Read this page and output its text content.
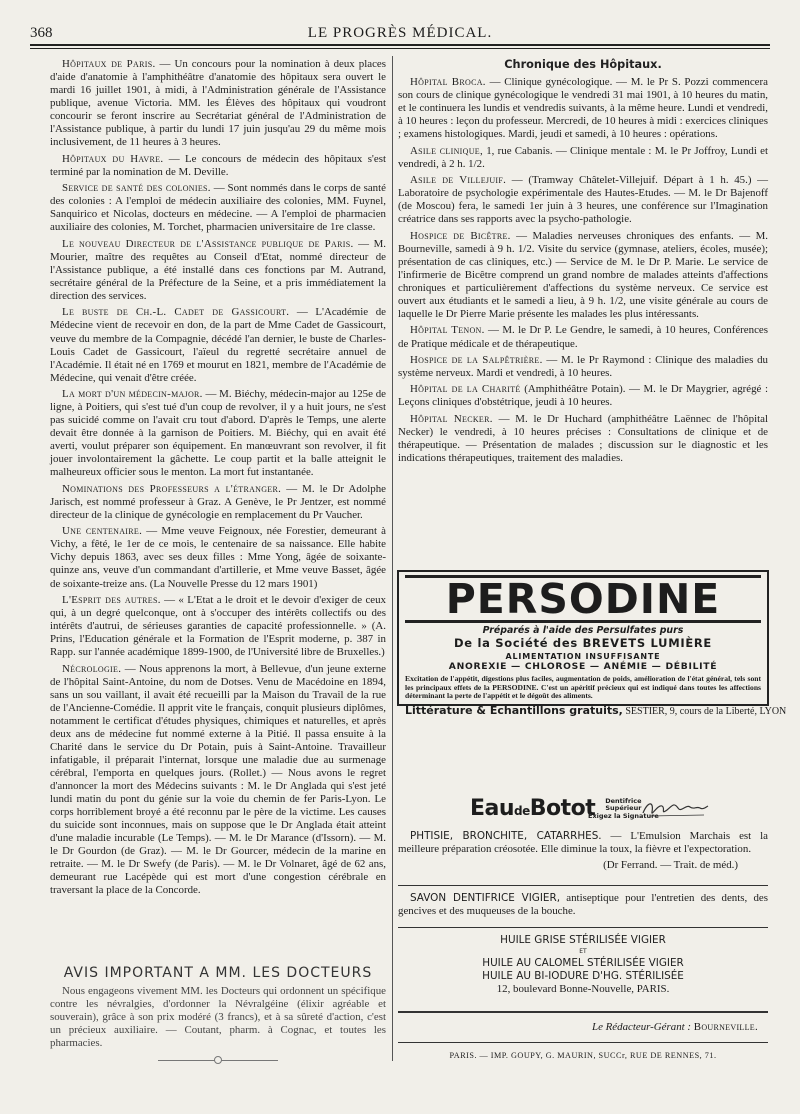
368	LE PROGRÈS MÉDICAL.
Hôpitaux de Paris. — Un concours pour la nomination à deux places d'aide d'anatomie à l'amphithéâtre d'anatomie des hôpitaux sera ouvert le mardi 16 juillet 1901, à midi, à l'Administration générale de l'Assistance publique, avenue Victoria. MM. les Élèves des hôpitaux qui voudront concourir se feront inscrire au Secrétariat général de l'Administration de l'Assistance publique, à partir du lundi 17 juin jusqu'au 29 du même mois inclusivement, de 11 heures à 3 heures.
Hôpitaux du Havre. — Le concours de médecin des hôpitaux s'est terminé par la nomination de M. Deville.
Service de santé des colonies. — Sont nommés dans le corps de santé des colonies : A l'emploi de médecin auxiliaire des colonies, MM. Fuynel, Sanquirico et Nicolas, docteurs en médecine. — A l'emploi de pharmacien auxiliaire des colonies, M. Torchet, pharmacien universitaire de 1re classe.
Le nouveau Directeur de l'Assistance publique de Paris. — M. Mourier, maître des requêtes au Conseil d'Etat, nommé directeur de l'Assistance publique, a été installé dans ces fonctions par M. Autrand, secrétaire général de la Préfecture de la Seine, et a pris immédiatement la direction des services.
Le buste de Ch.-L. Cadet de Gassicourt. — L'Académie de Médecine vient de recevoir en don, de la part de Mme Cadet de Gassicourt, veuve du membre de la Compagnie, décédé l'an dernier, le buste de Charles-Louis Cadet de Gassicourt, l'aïeul du regretté secrétaire annuel de l'Académie. Il était né en 1769 et mourut en 1821, membre de l'Académie de Médecine, qui venait d'être créée.
La mort d'un médecin-major. — M. Biéchy, médecin-major au 125e de ligne, à Poitiers, qui s'est tué d'un coup de revolver, il y a huit jours, ne s'est pas suicidé comme on l'avait cru tout d'abord. D'après le Temps, une alerte devait être donnée à la garnison de Poitiers. M. Biéchy, qui en avait été averti, voulut préparer son équipement. En manœuvrant son revolver, il fit jouer involontairement la gâchette. Le coup partit et la balle atteignit le malheureux officier sous le menton. La mort fut instantanée.
Nominations des Professeurs a l'étranger. — M. le Dr Adolphe Jarisch, est nommé professeur à Graz. A Genève, le Pr Jentzer, est nommé directeur de la clinique de gynécologie en remplacement du Pr Vaucher.
Une centenaire. — Mme veuve Feignoux, née Forestier, demeurant à Vichy, a fêté, le 1er de ce mois, le centenaire de sa naissance. Elle habite Vichy depuis 1863, avec ses deux filles : Mme Yong, âgée de soixante-quinze ans, veuve d'un commandant d'artillerie, et Mme veuve Basset, âgée de soixante-treize ans. (La Nouvelle Presse du 12 mars 1901)
L'Esprit des autres. — « L'Etat a le droit et le devoir d'exiger de ceux qui, à un degré quelconque, ont à s'occuper des intérêts collectifs ou des intérêts d'autrui, de sérieuses garanties de capacité professionnelle. » (A. Prins, l'Education générale et la Formation de l'Esprit moderne, p. 387 in Rapp. sur l'année académique 1899-1900, de l'Université libre de Bruxelles.)
Nécrologie. — Nous apprenons la mort, à Bellevue, d'un jeune externe de l'hôpital Saint-Antoine, du nom de Dotses. Venu de Macédoine en 1894, sans un sou vaillant, il avait été recueilli par la Maison du Travail de la rue de l'Ancienne-Comédie. Il apprit vite le français, conquit plusieurs diplômes, notamment le certificat d'études physiques, chimiques et naturelles, et après deux ans de médecine fut nommé externe à la Pitié. Il passa ensuite à la Charité dans le service du Dr Potain, puis à Saint-Antoine. Travailleur infatigable, il préparait l'internat, lorsque une maladie due au surmenage cérébral, l'emporta en quelques jours. (Rollet.) — Nous avons le regret d'annoncer la mort des Médecins suivants : M. le Dr Anglada qui s'est jeté lundi matin du pont du génie sur la voie du chemin de fer Paris-Lyon. Le corps horriblement broyé a été reconnu par le père de la victime. Les causes du suicide sont inconnues, mais on suppose que le Dr Anglada était atteint d'une maladie incurable (Le Temps). — M. le Dr Marance (d'Issorn). — M. le Dr Gourdon (de Graz). — M. le Dr Gourcer, médecin de la marine en retraite. — M. le Dr Swefy (de Paris). — M. le Dr Volnaret, âgé de 62 ans, demeurant rue Lacépède qui est mort d'une congestion cérébrale en traversant la place de la Concorde.
AVIS IMPORTANT A MM. LES DOCTEURS
Nous engageons vivement MM. les Docteurs qui ordonnent un spécifique contre les névralgies, d'ordonner la Névralgéine (élixir agréable et souverain), grâce à son prix modéré (3 francs), et à sa sûreté d'action, c'est un précieux auxiliaire. — Coutant, pharm. à Cognac, et toutes les pharmacies.
Chronique des Hôpitaux.
Hôpital Broca. — Clinique gynécologique. — M. le Pr S. Pozzi commencera son cours de clinique gynécologique le vendredi 31 mai 1901, à 10 heures du matin, et le continuera les lundis et vendredis suivants, à la même heure. Lundi et vendredi, à 10 heures : leçon du professeur. Mercredi, de 10 heures à midi : exercices cliniques ; examens histologiques. Mardi, jeudi et samedi, à 10 heures : opérations.
Asile clinique, 1, rue Cabanis. — Clinique mentale : M. le Pr Joffroy, Lundi et vendredi, à 2 h. 1/2.
Asile de Villejuif. — (Tramway Châtelet-Villejuif. Départ à 1 h. 45.) — Laboratoire de psychologie expérimentale des Hautes-Etudes. — M. le Dr Bajenoff (de Moscou) fera, le samedi 1er juin à 3 heures, une conférence sur l'Imagination créatrice dans ses rapports avec la psycho-pathologie.
Hospice de Bicêtre. — Maladies nerveuses chroniques des enfants. — M. Bourneville, samedi à 9 h. 1/2. Visite du service (gymnase, ateliers, écoles, musée); présentation de cas cliniques, etc.) — Service de M. le Dr P. Marie. Le service de l'infirmerie de Bicêtre comprend un grand nombre de malades atteints d'affections chroniques et particulièrement d'affections du système nerveux. Ce service est ouvert aux étudiants et le samedi a lieu, à 9 h. 1/2, une visite générale au cours de laquelle le Dr Pierre Marie présente les malades les plus intéressants.
Hôpital Tenon. — M. le Dr P. Le Gendre, le samedi, à 10 heures, Conférences de Pratique médicale et de thérapeutique.
Hospice de la Salpêtrière. — M. le Pr Raymond : Clinique des maladies du système nerveux. Mardi et vendredi, à 10 heures.
Hôpital de la Charité (Amphithéâtre Potain). — M. le Dr Maygrier, agrégé : Leçons cliniques d'obstétrique, jeudi à 10 heures.
Hôpital Necker. — M. le Dr Huchard (amphithéâtre Laënnec de l'hôpital Necker) le vendredi, à 10 heures précises : Consultations de clinique et de thérapeutique. — Présentation de malades ; discussion sur le diagnostic et les indications thérapeutiques, traitement des maladies.
PERSODINE
Préparés à l'aide des Persulfates purs
De la Société des BREVETS LUMIÈRE
ALIMENTATION INSUFFISANTE
ANOREXIE — CHLOROSE — ANÉMIE — DÉBILITÉ
Excitation de l'appétit, digestions plus faciles, augmentation de poids, amélioration de l'état général, tels sont les principaux effets de la PERSODINE. C'est un apéritif précieux qui est indiqué dans toutes les affections déterminant la perte de l'appétit et le dégoût des aliments.
Littérature & Échantillons gratuits, SESTIER, 9, cours de la Liberté, LYON
EaudeBotot	Dentifrice
Supérieur
Exigez la Signature
PHTISIE, BRONCHITE, CATARRHES. — L'Emulsion Marchais est la meilleure préparation créosotée. Elle diminue la toux, la fièvre et l'expectoration.
(Dr Ferrand. — Trait. de méd.)
SAVON DENTIFRICE VIGIER, antiseptique pour l'entretien des dents, des gencives et des muqueuses de la bouche.
HUILE GRISE STÉRILISÉE VIGIER
ET
HUILE AU CALOMEL STÉRILISÉE VIGIER
HUILE AU BI-IODURE D'HG. STÉRILISÉE
12, boulevard Bonne-Nouvelle, PARIS.
Le Rédacteur-Gérant : Bourneville.
PARIS. — IMP. GOUPY, G. MAURIN, SUCCr, RUE DE RENNES, 71.
